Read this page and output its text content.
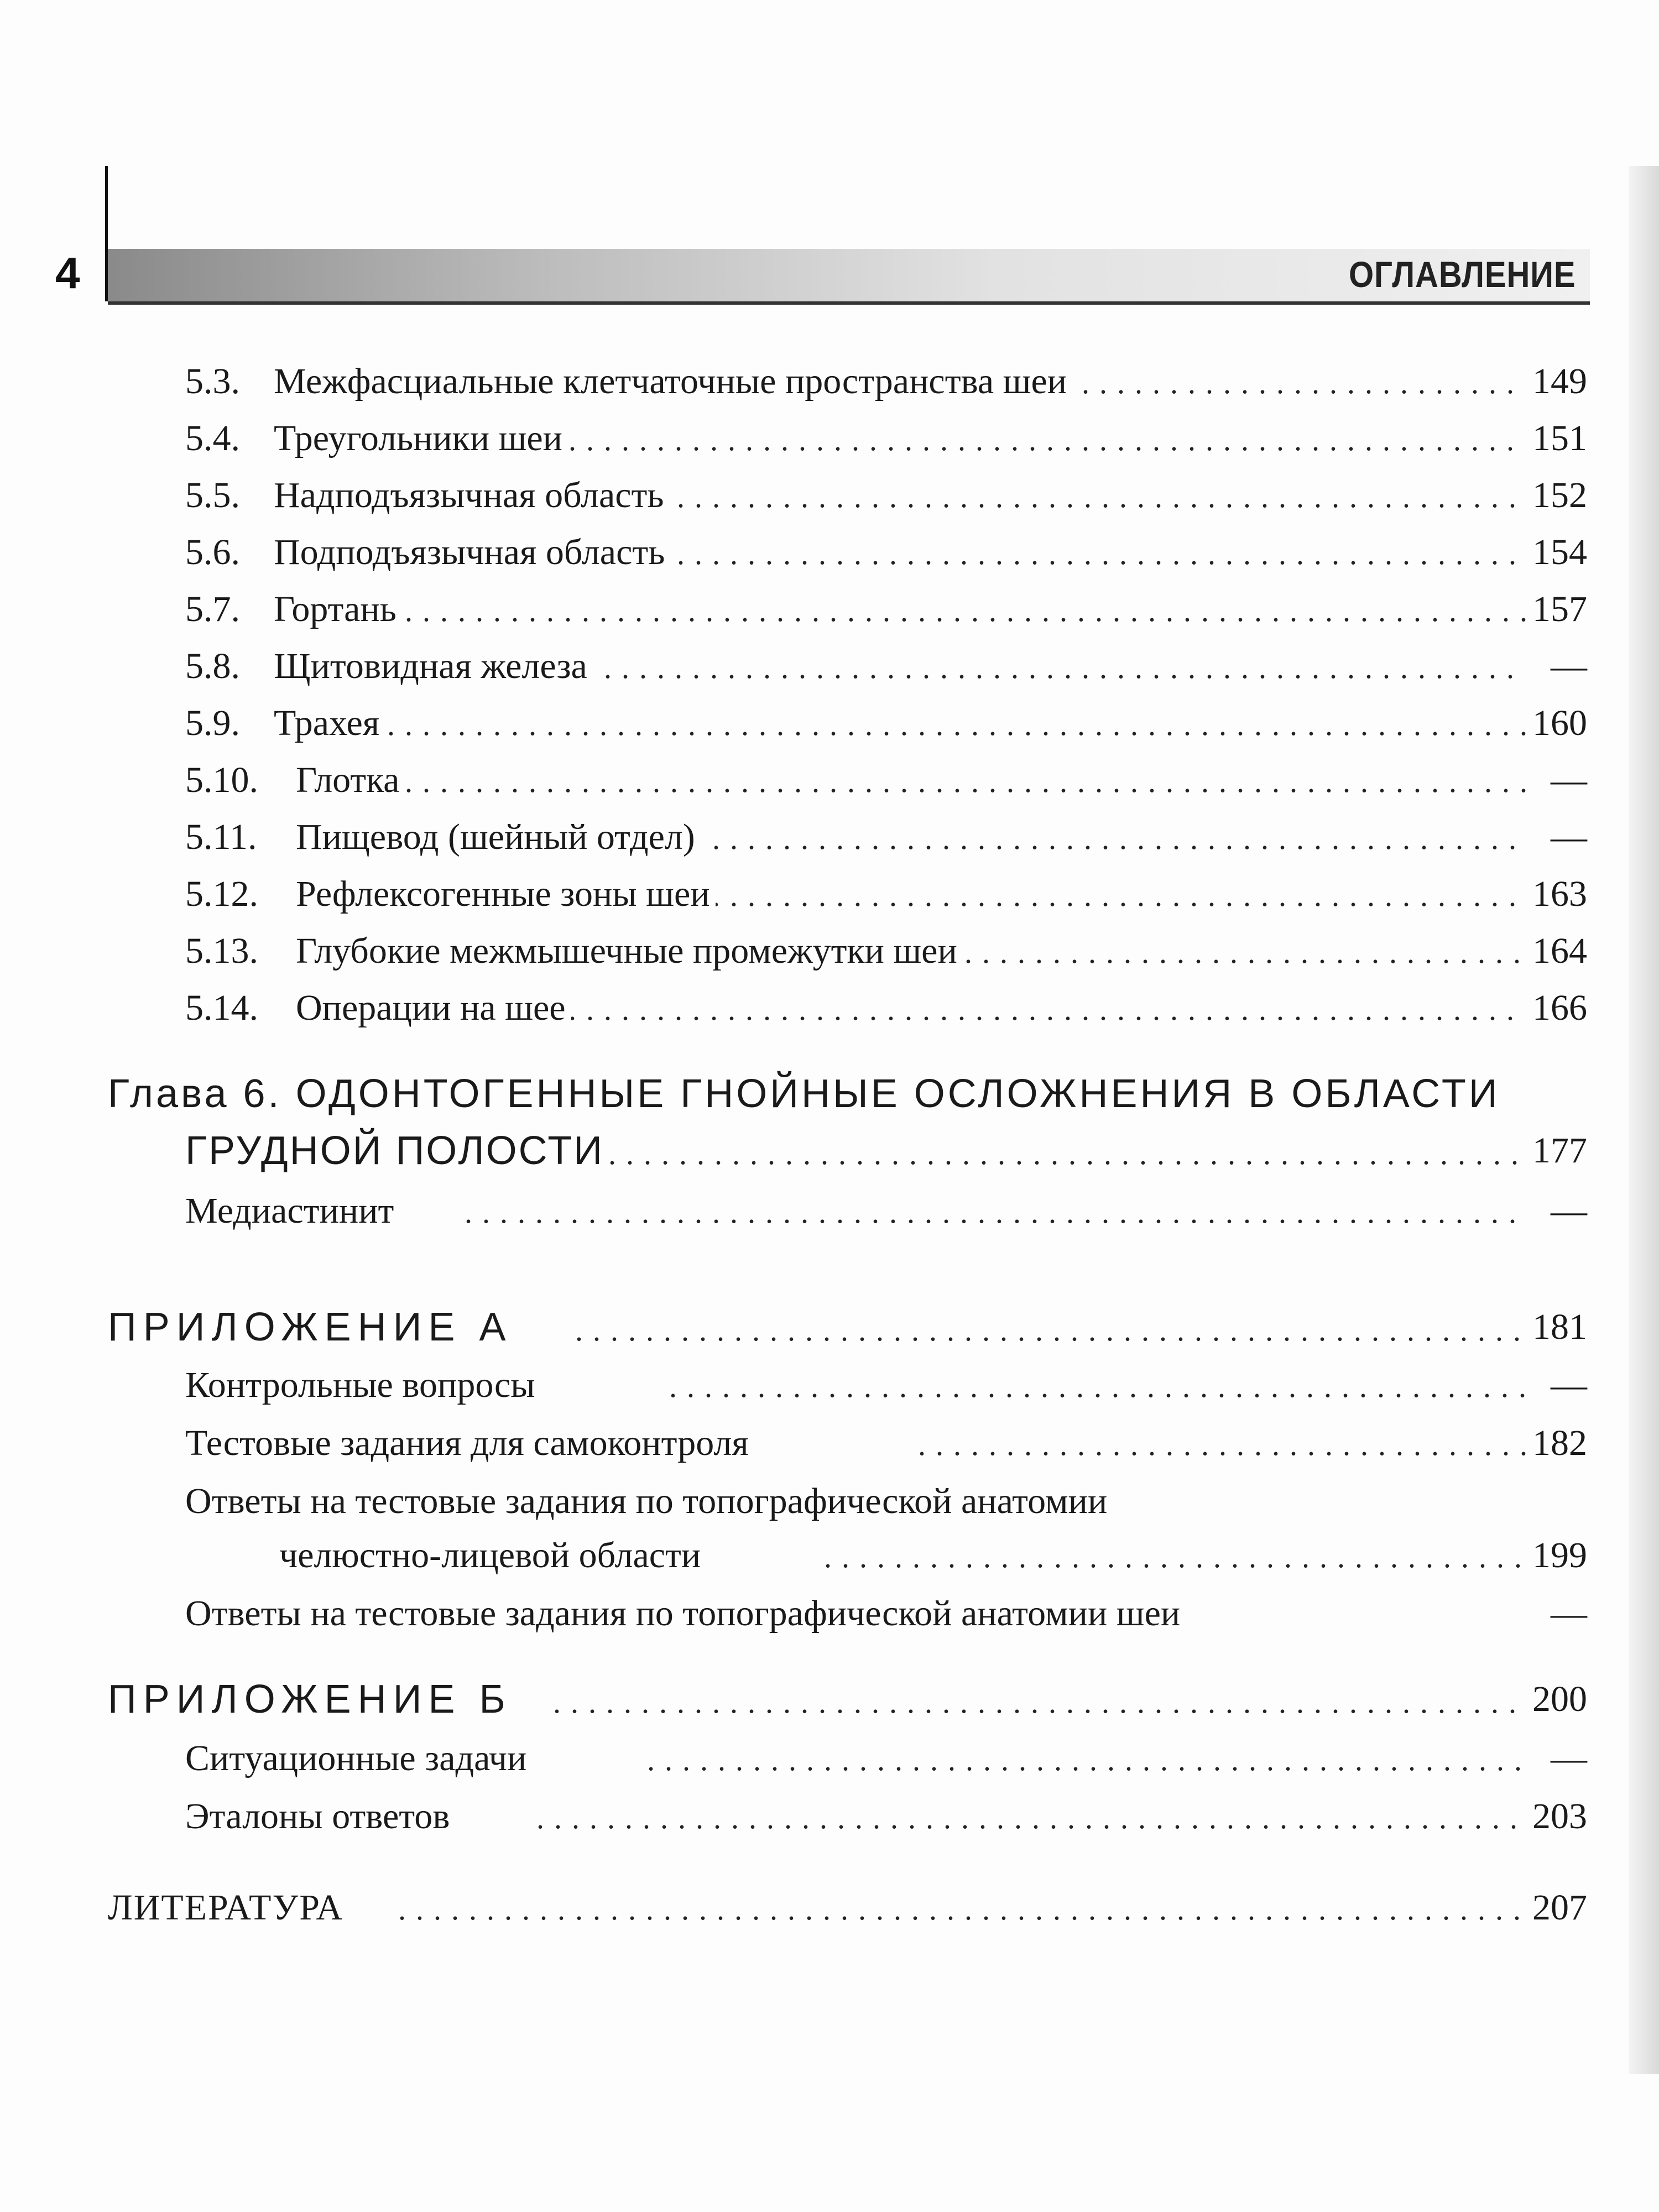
4	ОГЛАВЛЕНИЕ
. . .
5.3. Межфасциальные клетчаточные пространства шеи	149
. . .
5.4. Треугольники шеи	151
. . .
5.5. Надподъязычная область	152
. . .
5.6. Подподъязычная область	154
. . .
5.7. Гортань	157
. . .
5.8. Щитовидная железа	—
. . .
5.9. Трахея	160
. . .
5.10. Глотка	—
. . .
5.11. Пищевод (шейный отдел)	—
. . .
5.12. Рефлексогенные зоны шеи	163
. . .
5.13. Глубокие межмышечные промежутки шеи	164
. . .
5.14. Операции на шее	166
Глава 6. ОДОНТОГЕННЫЕ ГНОЙНЫЕ ОСЛОЖНЕНИЯ В ОБЛАСТИ
. . .
ГРУДНОЙ ПОЛОСТИ	177
. . .
Медиастинит	—
. . .
ПРИЛОЖЕНИЕ А	181
. . .
Контрольные вопросы	—
. . .
Тестовые задания для самоконтроля	182
Ответы на тестовые задания по топографической анатомии
. . .
челюстно-лицевой области	199
Ответы на тестовые задания по топографической анатомии шеи	—
. . .
ПРИЛОЖЕНИЕ Б	200
. . .
Ситуационные задачи	—
. . .
Эталоны ответов	203
. . .
ЛИТЕРАТУРА	207
